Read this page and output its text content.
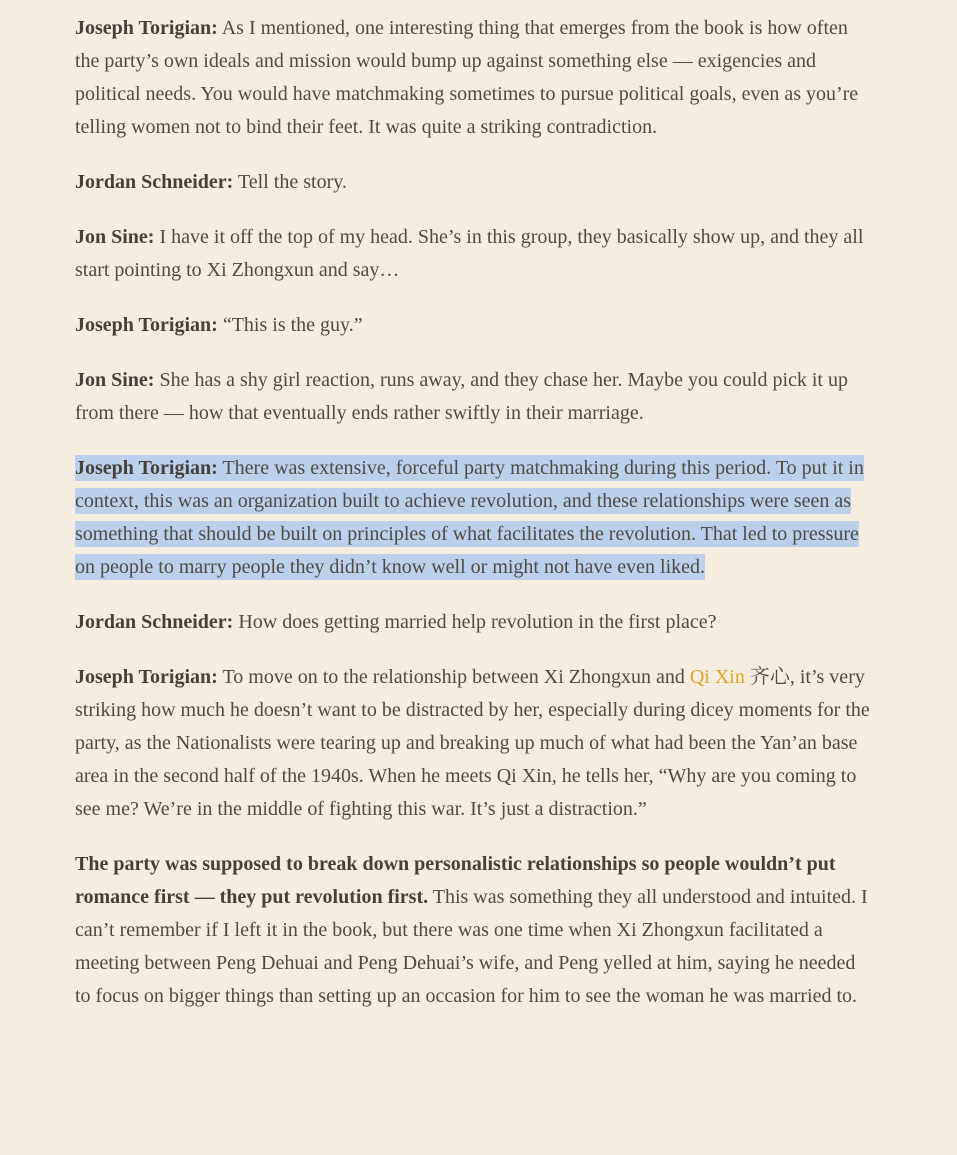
Joseph Torigian: As I mentioned, one interesting thing that emerges from the book is how often the party’s own ideals and mission would bump up against something else — exigencies and political needs. You would have matchmaking sometimes to pursue political goals, even as you’re telling women not to bind their feet. It was quite a striking contradiction.

Jordan Schneider: Tell the story.

Jon Sine: I have it off the top of my head. She’s in this group, they basically show up, and they all start pointing to Xi Zhongxun and say…

Joseph Torigian: “This is the guy.”

Jon Sine: She has a shy girl reaction, runs away, and they chase her. Maybe you could pick it up from there — how that eventually ends rather swiftly in their marriage.

Joseph Torigian: There was extensive, forceful party matchmaking during this period. To put it in context, this was an organization built to achieve revolution, and these relationships were seen as something that should be built on principles of what facilitates the revolution. That led to pressure on people to marry people they didn’t know well or might not have even liked.

Jordan Schneider: How does getting married help revolution in the first place?

Joseph Torigian: To move on to the relationship between Xi Zhongxun and Qi Xin 齐心, it’s very striking how much he doesn’t want to be distracted by her, especially during dicey moments for the party, as the Nationalists were tearing up and breaking up much of what had been the Yan’an base area in the second half of the 1940s. When he meets Qi Xin, he tells her, “Why are you coming to see me? We’re in the middle of fighting this war. It’s just a distraction.”

The party was supposed to break down personalistic relationships so people wouldn’t put romance first — they put revolution first. This was something they all understood and intuited. I can’t remember if I left it in the book, but there was one time when Xi Zhongxun facilitated a meeting between Peng Dehuai and Peng Dehuai’s wife, and Peng yelled at him, saying he needed to focus on bigger things than setting up an occasion for him to see the woman he was married to.
